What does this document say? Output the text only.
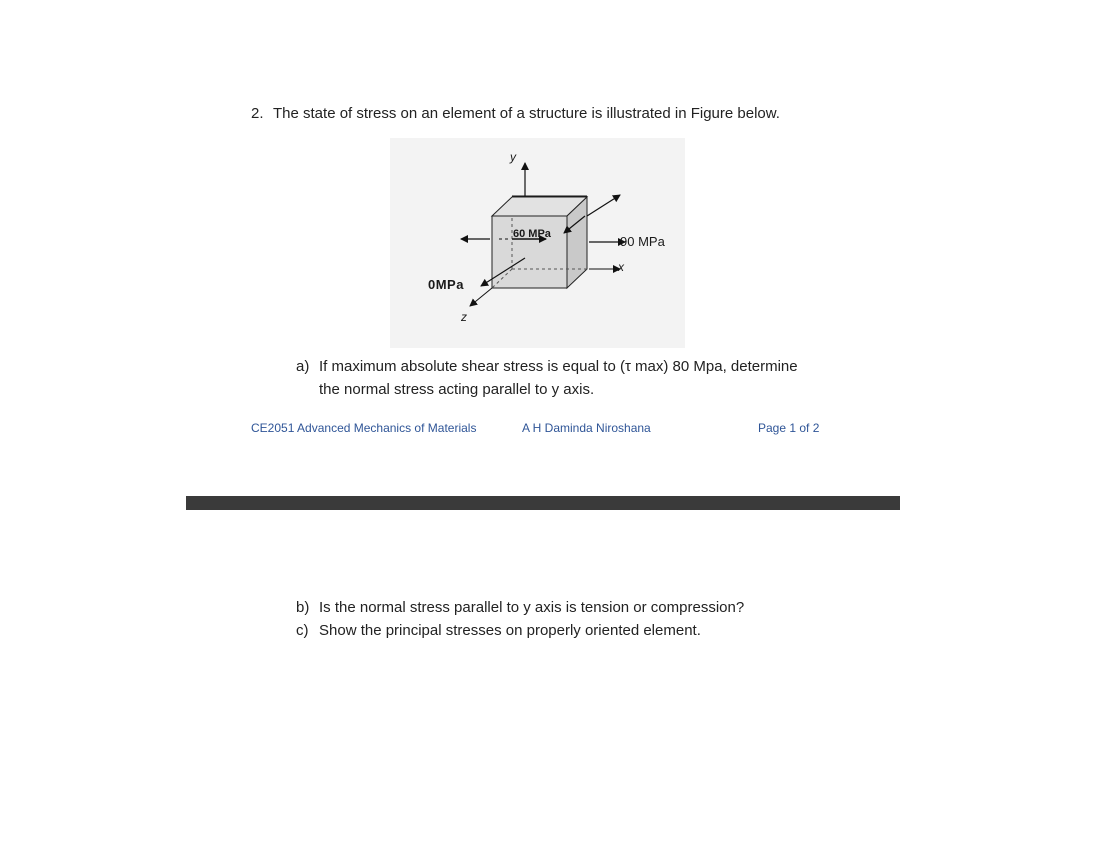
2. The state of stress on an element of a structure is illustrated in Figure below.
60 MPa	90 MPa
0MPa
y
x
z
a) If maximum absolute shear stress is equal to (τ max) 80 Mpa, determine
the normal stress acting parallel to y axis.
CE2051 Advanced Mechanics of Materials	A H Daminda Niroshana	Page 1 of 2
b) Is the normal stress parallel to y axis is tension or compression?
c) Show the principal stresses on properly oriented element.
